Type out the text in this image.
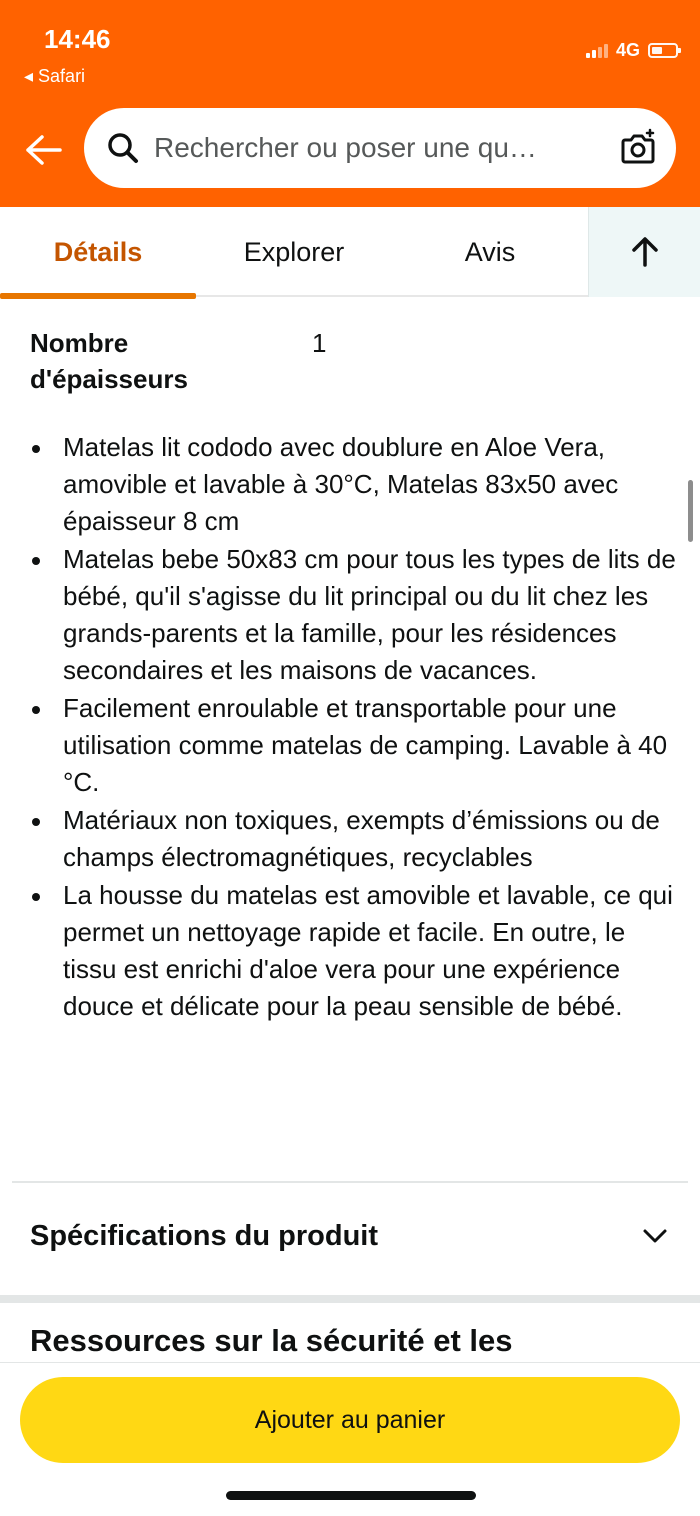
14:46
◂ Safari
4G
Rechercher ou poser une qu…
Détails	Explorer	Avis
Nombre d'épaisseurs
1
Matelas lit cododo avec doublure en Aloe Vera, amovible et lavable à 30°C, Matelas 83x50 avec épaisseur 8 cm
Matelas bebe 50x83 cm pour tous les types de lits de bébé, qu'il s'agisse du lit principal ou du lit chez les grands-parents et la famille, pour les résidences secondaires et les maisons de vacances.
Facilement enroulable et transportable pour une utilisation comme matelas de camping. Lavable à 40 °C.
Matériaux non toxiques, exempts d’émissions ou de champs électromagnétiques, recyclables
La housse du matelas est amovible et lavable, ce qui permet un nettoyage rapide et facile. En outre, le tissu est enrichi d'aloe vera pour une expérience douce et délicate pour la peau sensible de bébé.
Spécifications du produit
Ressources sur la sécurité et les
Ajouter au panier
